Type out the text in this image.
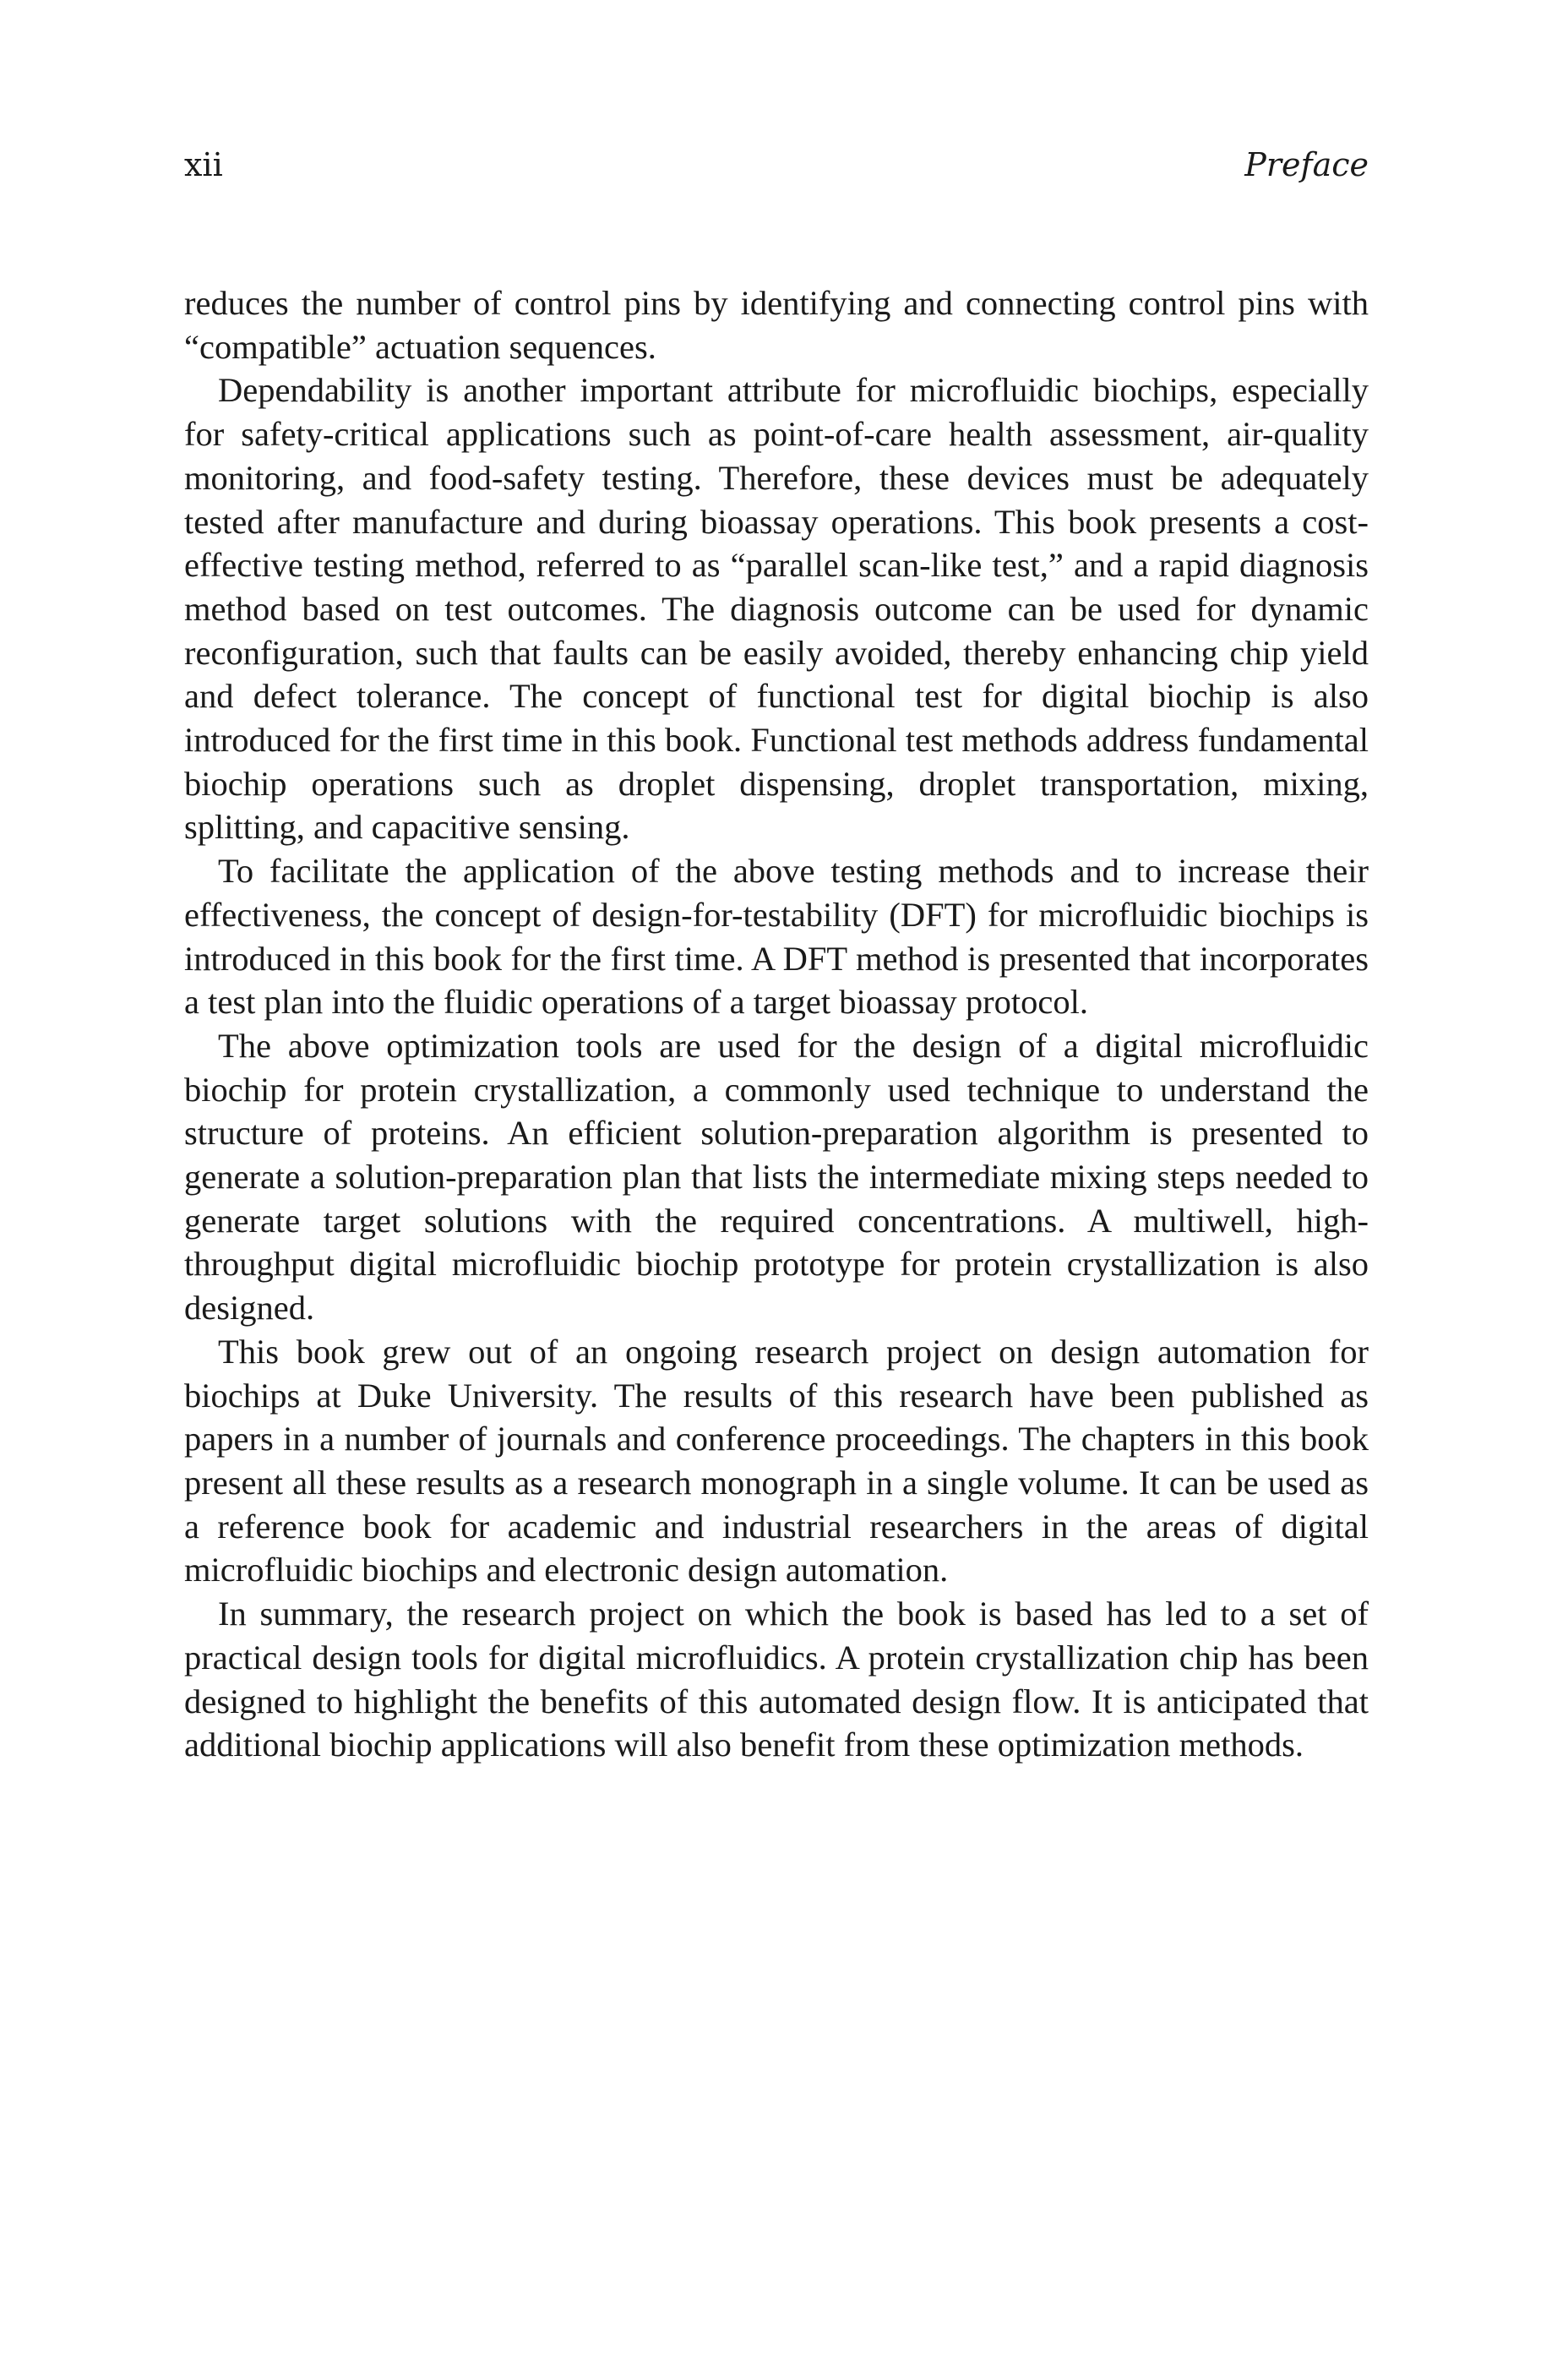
xii	Preface

reduces the number of control pins by identifying and connecting control pins with “compatible” actuation sequences.

Dependability is another important attribute for microfluidic biochips, especially for safety-critical applications such as point-of-care health assessment, air-quality monitoring, and food-safety testing. Therefore, these devices must be adequately tested after manufacture and during bioassay operations. This book presents a cost-effective testing method, referred to as “parallel scan-like test,” and a rapid diagnosis method based on test outcomes. The diagnosis outcome can be used for dynamic reconfiguration, such that faults can be easily avoided, thereby enhancing chip yield and defect tolerance. The concept of functional test for digital biochip is also introduced for the first time in this book. Functional test methods address fundamental biochip operations such as droplet dispensing, droplet transportation, mixing, splitting, and capacitive sensing.

To facilitate the application of the above testing methods and to increase their effectiveness, the concept of design-for-testability (DFT) for microfluidic biochips is introduced in this book for the first time. A DFT method is presented that incorporates a test plan into the fluidic operations of a target bioassay protocol.

The above optimization tools are used for the design of a digital microfluidic biochip for protein crystallization, a commonly used technique to understand the structure of proteins. An efficient solution-preparation algorithm is presented to generate a solution-preparation plan that lists the intermediate mixing steps needed to generate target solutions with the required concentrations. A multiwell, high-throughput digital microfluidic biochip prototype for protein crystallization is also designed.

This book grew out of an ongoing research project on design automation for biochips at Duke University. The results of this research have been published as papers in a number of journals and conference proceedings. The chapters in this book present all these results as a research monograph in a single volume. It can be used as a reference book for academic and industrial researchers in the areas of digital microfluidic biochips and electronic design automation.

In summary, the research project on which the book is based has led to a set of practical design tools for digital microfluidics. A protein crystallization chip has been designed to highlight the benefits of this automated design flow. It is anticipated that additional biochip applications will also benefit from these optimization methods.
